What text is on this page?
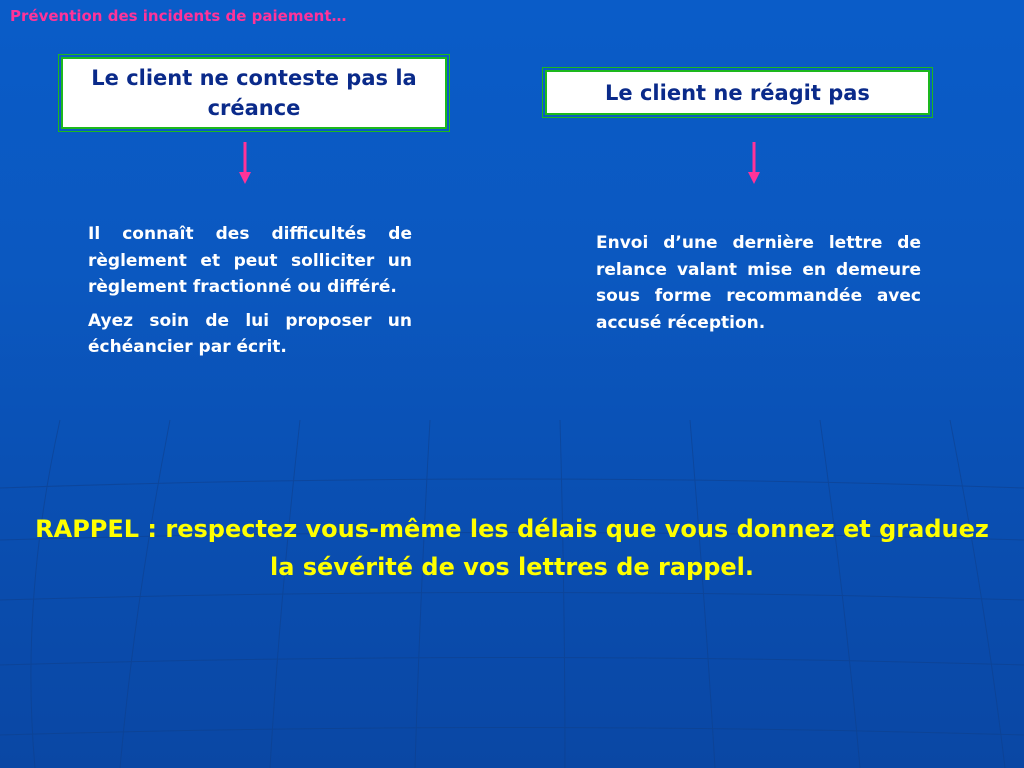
Prévention des incidents de paiement…
Le client ne conteste pas la créance
Le client ne réagit pas

Il connaît des difficultés de règlement et peut solliciter un règlement fractionné ou différé.

Ayez soin de lui proposer un échéancier par écrit.

Envoi d’une dernière lettre de relance valant mise en demeure sous forme recommandée avec accusé réception.

RAPPEL : respectez vous-même les délais que vous donnez et graduez la sévérité de vos lettres de rappel.
